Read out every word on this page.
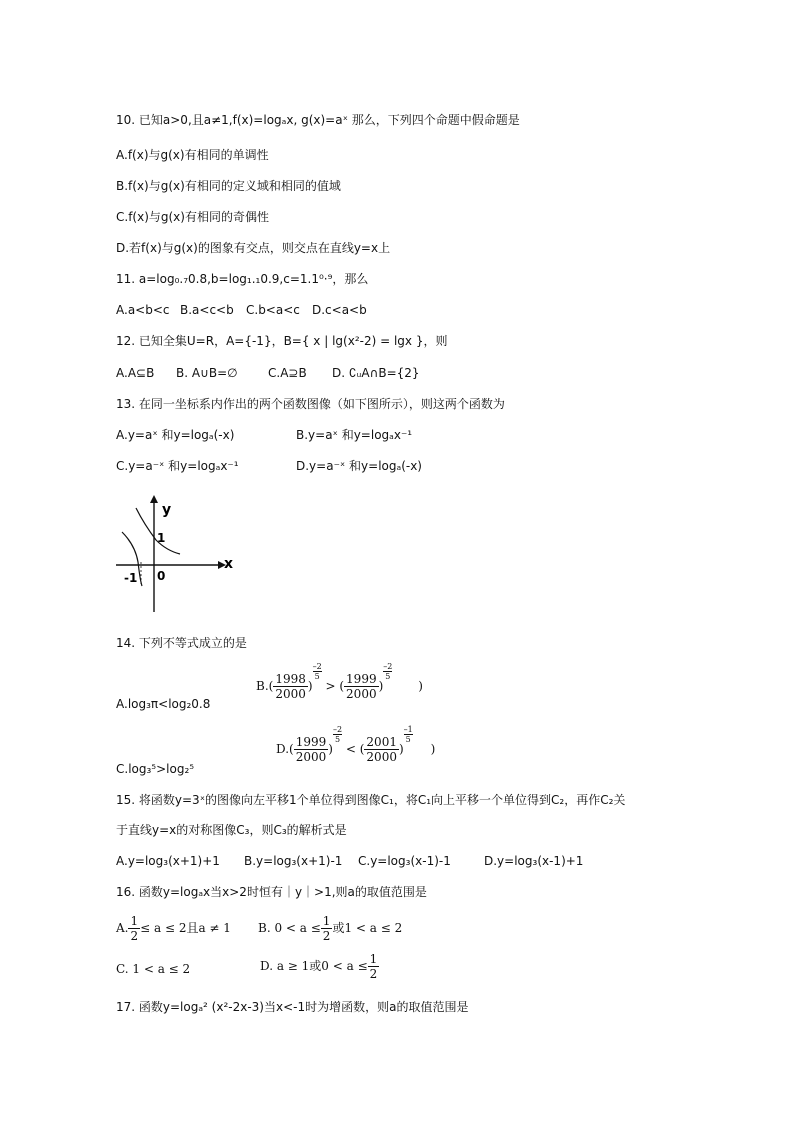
10. 已知a>0,且a≠1,f(x)=logₐx, g(x)=aˣ 那么，下列四个命题中假命题是
A.f(x)与g(x)有相同的单调性
B.f(x)与g(x)有相同的定义域和相同的值域
C.f(x)与g(x)有相同的奇偶性
D.若f(x)与g(x)的图象有交点，则交点在直线y=x上
11. a=log₀.₇0.8,b=log₁.₁0.9,c=1.1⁰·⁹，那么
A.a<b<c B.a<c<b C.b<a<c D.c<a<b
12. 已知全集U=R，A={-1}，B={ x | lg(x²-2) = lgx }，则
A.A⊆B B. A∪B=∅	C.A⊇B D. ∁ᵤA∩B={2}
13. 在同一坐标系内作出的两个函数图像（如下图所示），则这两个函数为
A.y=aˣ 和y=logₐ(-x)	B.y=aˣ 和y=logₐx⁻¹
C.y=a⁻ˣ 和y=logₐx⁻¹	D.y=a⁻ˣ 和y=logₐ(-x)
y
x
1
-1 0
14. 下列不等式成立的是
A.log₃π<log₂0.8
$B.( \frac{1998}{2000}$ )
$\frac{-2}{5}$
> ( $\frac{1999}{2000}$ )
$\frac{-2}{5}$
)
C.log₃⁵>log₂⁵
$D.( \frac{1999}{2000}$ )
$\frac{-2}{5}$
< ( $\frac{2001}{2000}$ )
$\frac{-1}{5}$
)
15. 将函数y=3ˣ的图像向左平移1个单位得到图像C₁，将C₁向上平移一个单位得到C₂，再作C₂关
于直线y=x的对称图像C₃，则C₃的解析式是
A.y=log₃(x+1)+1 B.y=log₃(x+1)-1 C.y=log₃(x-1)-1	D.y=log₃(x-1)+1
16. 函数y=logₐx当x>2时恒有｜y｜>1,则a的取值范围是
A. $\frac{1}{2} \le a \le 2$且a ≠ 1 B. $0 < a \le \frac{1}{2}$ 或1 < a ≤ 2
C. 1 < a ≤ 2	D. a ≥ 1或$0 < a \le \frac{1}{2}$
17. 函数y=logₐ² (x²-2x-3)当x<-1时为增函数，则a的取值范围是
